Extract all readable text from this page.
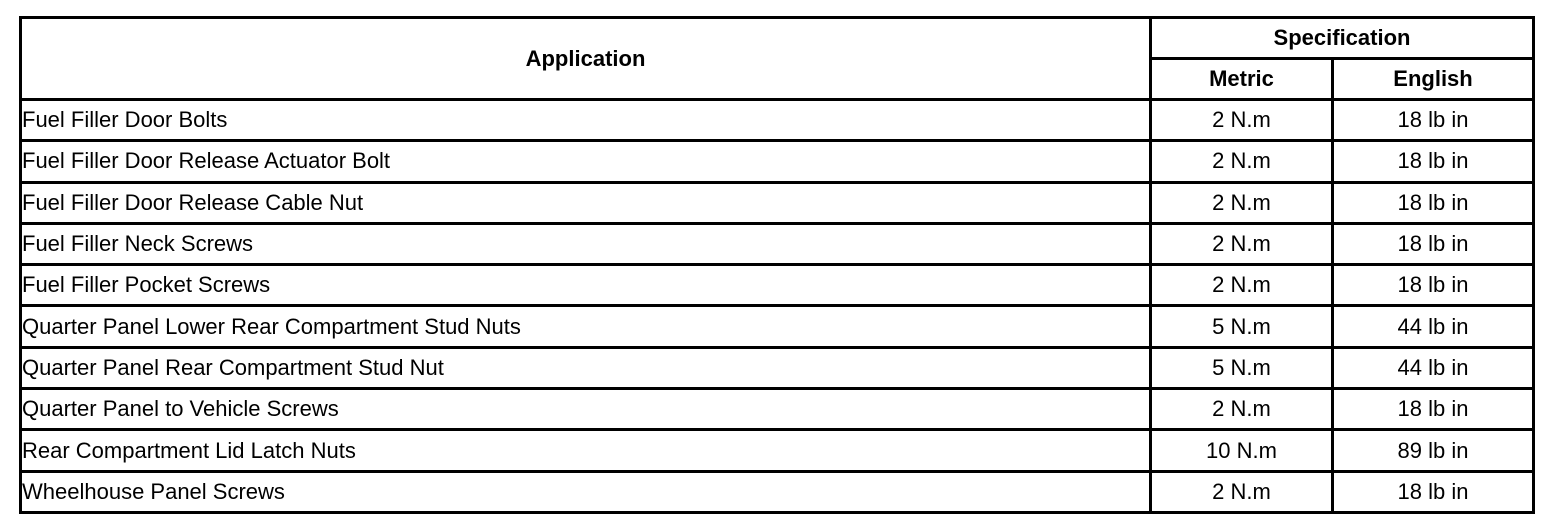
Application	Specification	
	Metric	English
Fuel Filler Door Bolts	2 N.m	18 lb in
Fuel Filler Door Release Actuator Bolt	2 N.m	18 lb in
Fuel Filler Door Release Cable Nut	2 N.m	18 lb in
Fuel Filler Neck Screws	2 N.m	18 lb in
Fuel Filler Pocket Screws	2 N.m	18 lb in
Quarter Panel Lower Rear Compartment Stud Nuts	5 N.m	44 lb in
Quarter Panel Rear Compartment Stud Nut	5 N.m	44 lb in
Quarter Panel to Vehicle Screws	2 N.m	18 lb in
Rear Compartment Lid Latch Nuts	10 N.m	89 lb in
Wheelhouse Panel Screws	2 N.m	18 lb in
